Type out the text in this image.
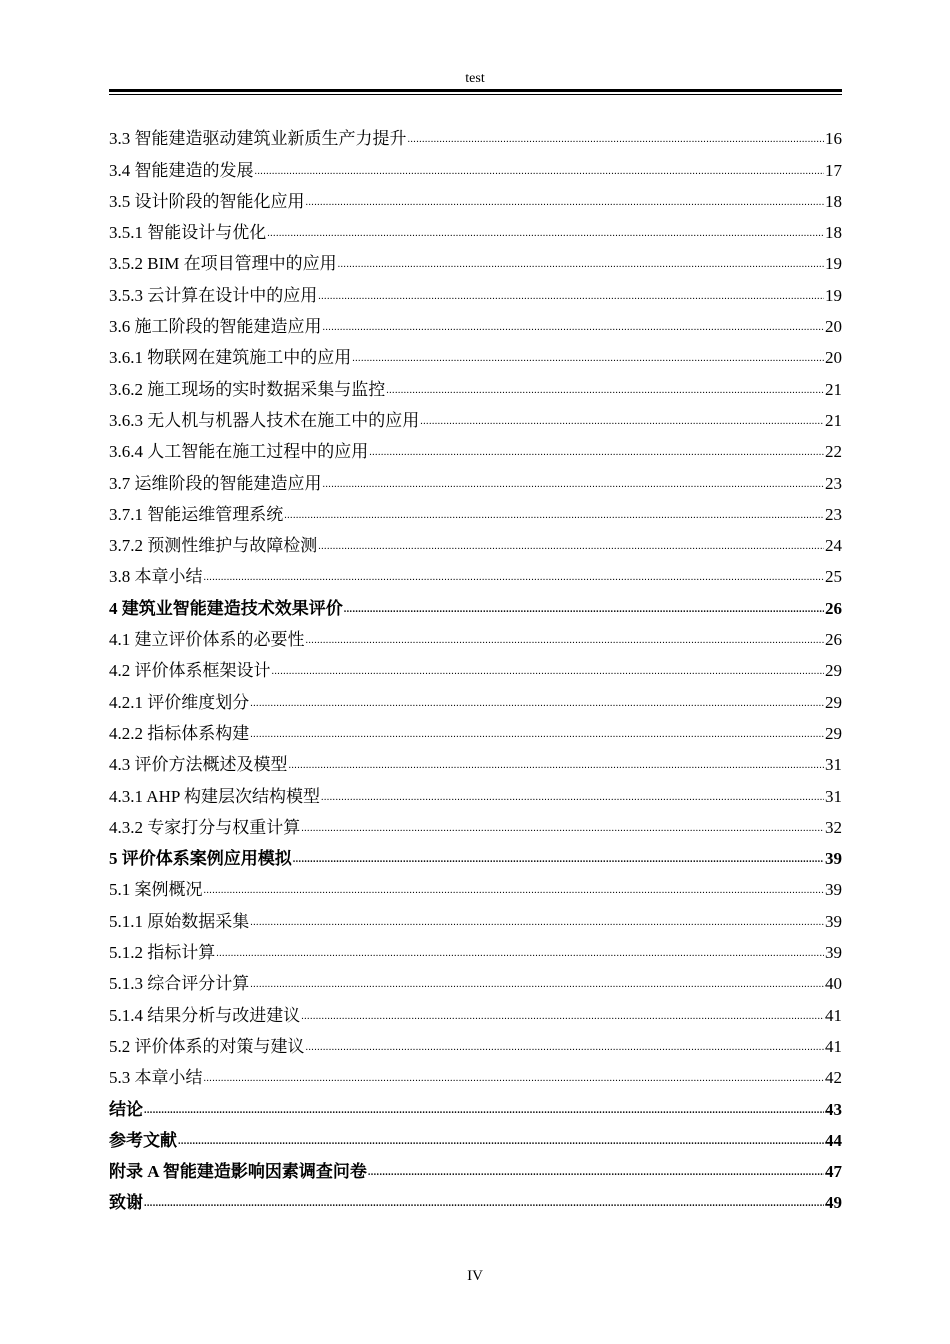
test
3.3 智能建造驱动建筑业新质生产力提升 .....	16
3.4 智能建造的发展 .....	17
3.5 设计阶段的智能化应用 .....	18
3.5.1 智能设计与优化 .....	18
3.5.2 BIM 在项目管理中的应用 .....	19
3.5.3 云计算在设计中的应用 .....	19
3.6 施工阶段的智能建造应用 .....	20
3.6.1 物联网在建筑施工中的应用 .....	20
3.6.2 施工现场的实时数据采集与监控 .....	21
3.6.3 无人机与机器人技术在施工中的应用 .....	21
3.6.4 人工智能在施工过程中的应用 .....	22
3.7 运维阶段的智能建造应用 .....	23
3.7.1 智能运维管理系统 .....	23
3.7.2 预测性维护与故障检测 .....	24
3.8 本章小结 .....	25
4 建筑业智能建造技术效果评价 .....	26
4.1 建立评价体系的必要性 .....	26
4.2 评价体系框架设计 .....	29
4.2.1 评价维度划分 .....	29
4.2.2 指标体系构建 .....	29
4.3 评价方法概述及模型 .....	31
4.3.1 AHP 构建层次结构模型 .....	31
4.3.2 专家打分与权重计算 .....	32
5 评价体系案例应用模拟 .....	39
5.1 案例概况 .....	39
5.1.1 原始数据采集 .....	39
5.1.2 指标计算 .....	39
5.1.3 综合评分计算 .....	40
5.1.4 结果分析与改进建议 .....	41
5.2 评价体系的对策与建议 .....	41
5.3 本章小结 .....	42
结论 .....	43
参考文献 .....	44
附录 A 智能建造影响因素调查问卷 .....	47
致谢 .....	49
IV
